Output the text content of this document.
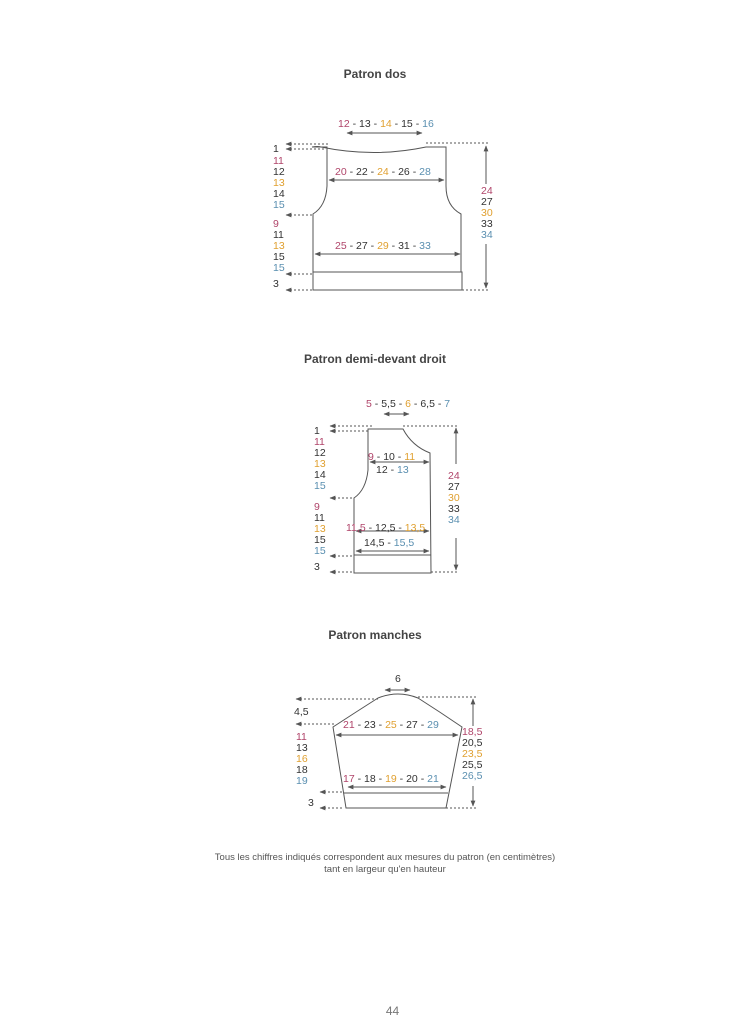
Patron dos
Patron demi-devant droit
Patron manches
12 - 13 - 14 - 15 - 16
20 - 22 - 24 - 26 - 28
25 - 27 - 29 - 31 - 33
1
11
12
13
14
15
9
11
13
15
15
3
24
27
30
33
34
5 - 5,5 - 6 - 6,5 - 7
9 - 10 - 11
12 - 13
11,5 - 12,5 - 13,5
14,5 - 15,5
1
11
12
13
14
15
9
11
13
15
15
3
24
27
30
33
34
6
4,5
21 - 23 - 25 - 27 - 29
17 - 18 - 19 - 20 - 21
11
13
16
18
19
3
18,5
20,5
23,5
25,5
26,5
Tous les chiffres indiqués correspondent aux mesures du patron (en centimètres)
tant en largeur qu'en hauteur
44
